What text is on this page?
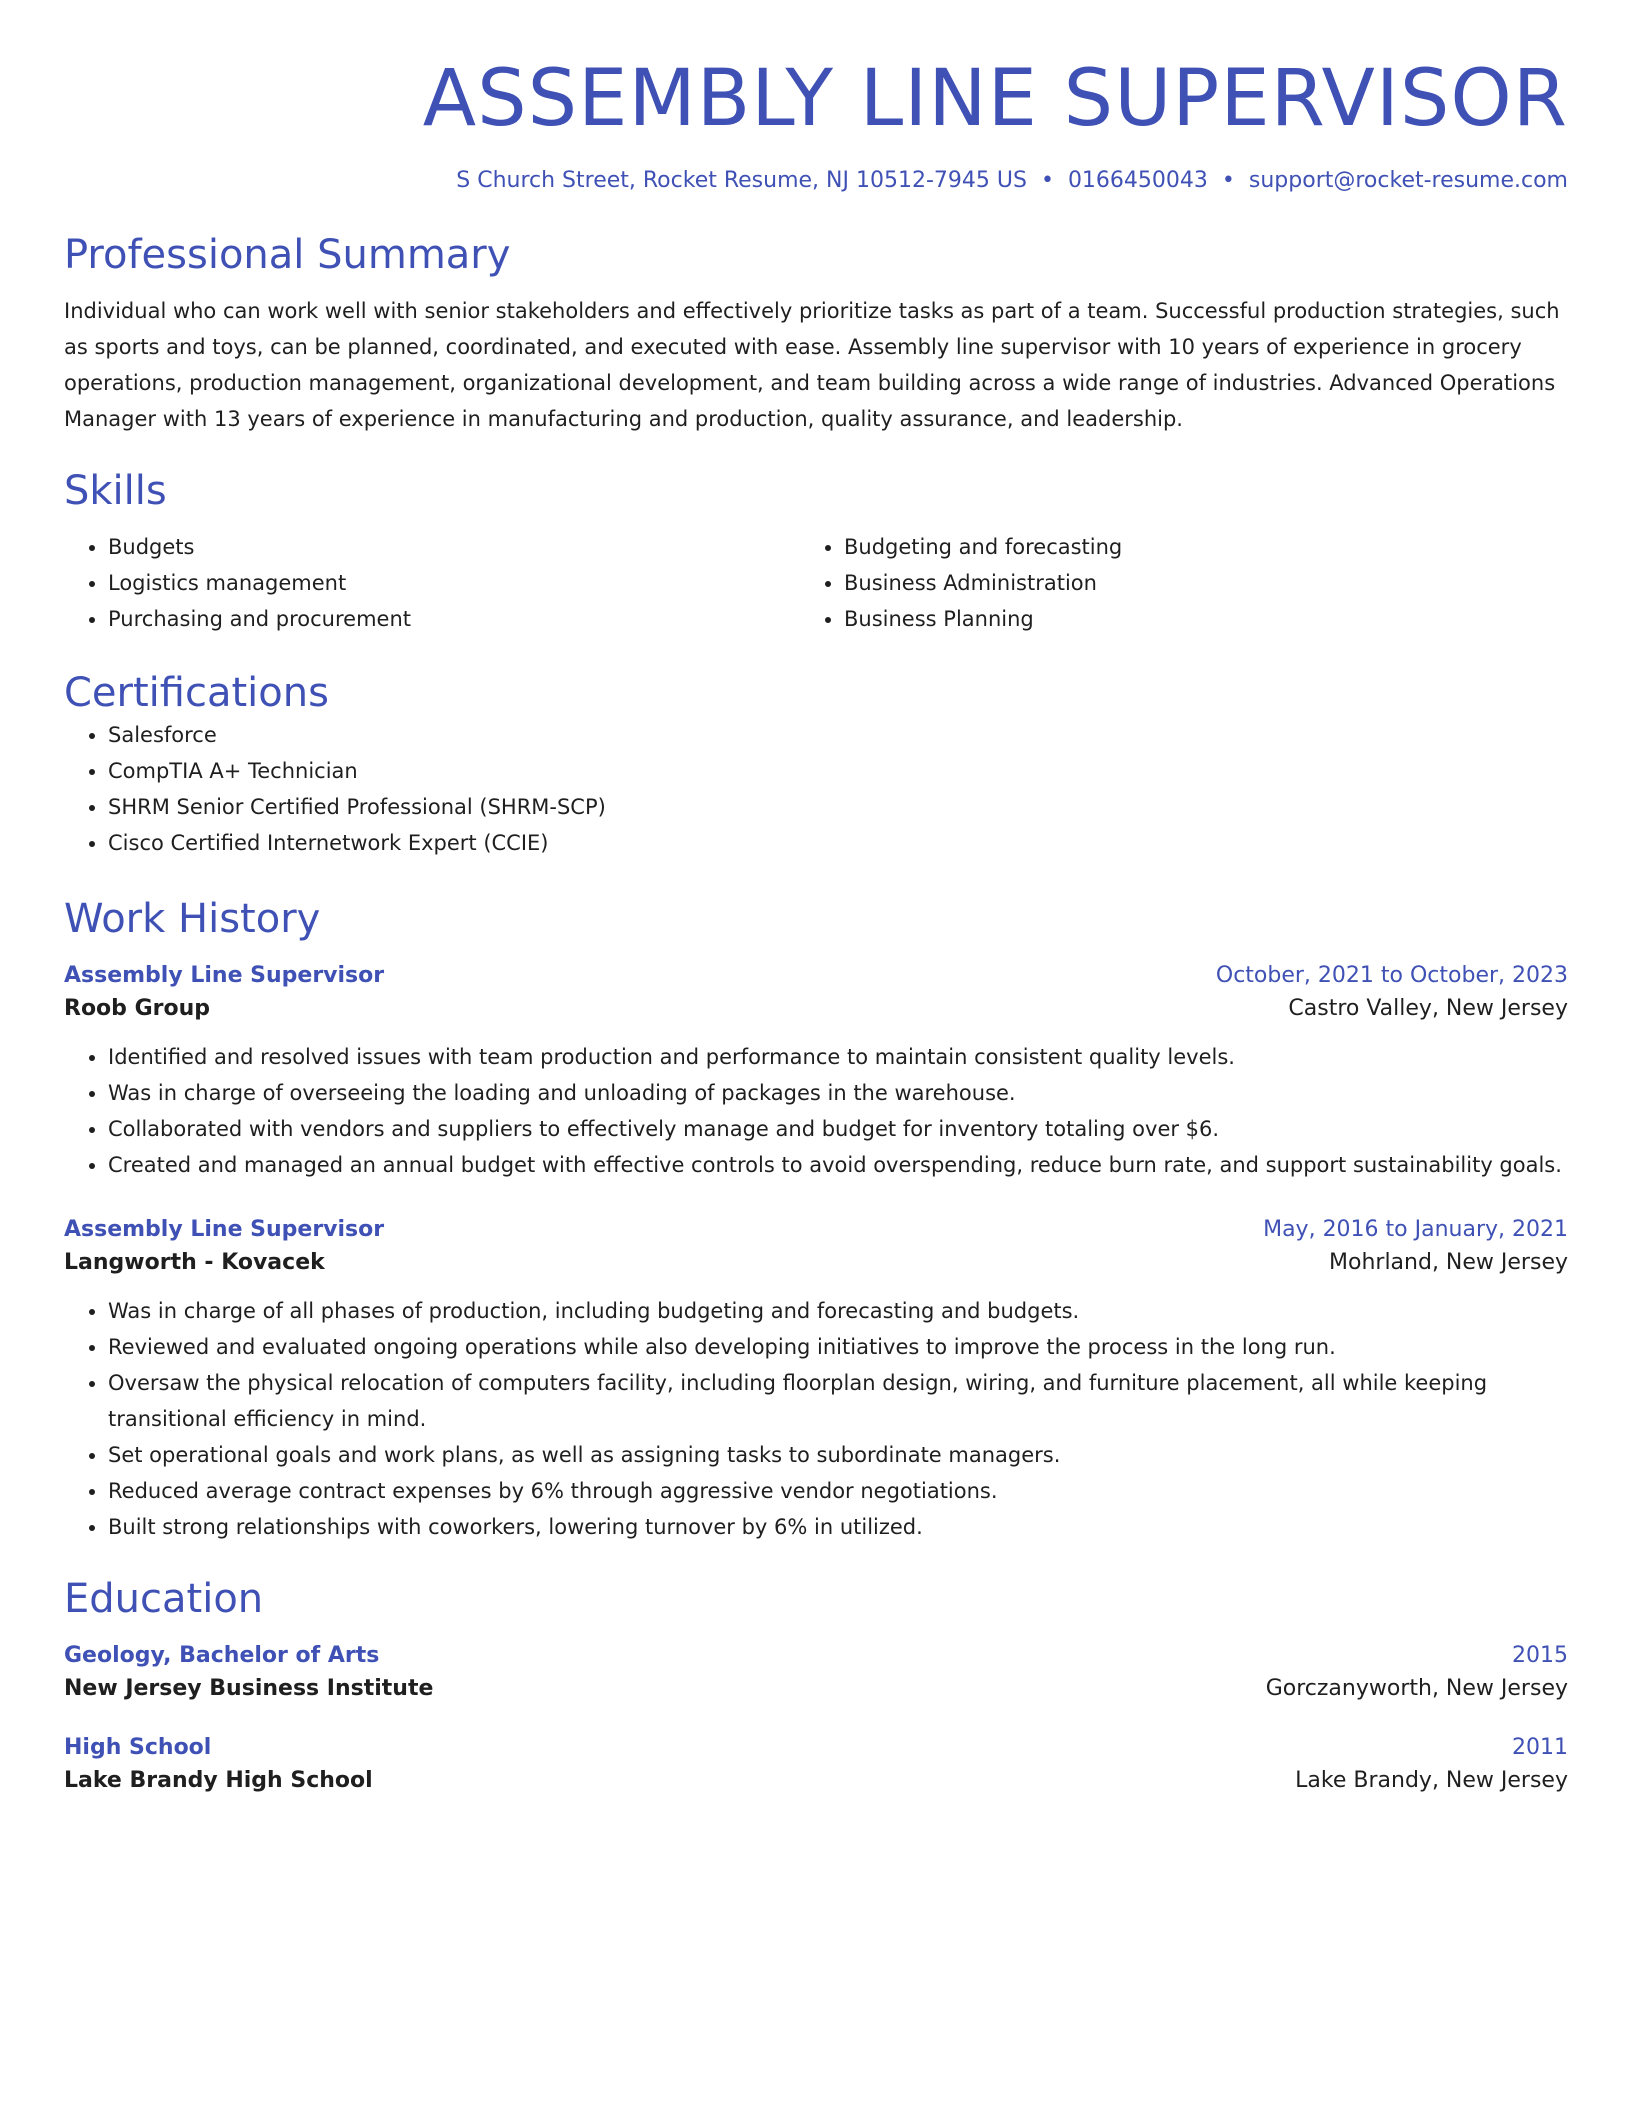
ASSEMBLY LINE SUPERVISOR
S Church Street, Rocket Resume, NJ 10512-7945 US • 0166450043 • support@rocket-resume.com
Professional Summary
Individual who can work well with senior stakeholders and effectively prioritize tasks as part of a team. Successful production strategies, such as sports and toys, can be planned, coordinated, and executed with ease. Assembly line supervisor with 10 years of experience in grocery operations, production management, organizational development, and team building across a wide range of industries. Advanced Operations Manager with 13 years of experience in manufacturing and production, quality assurance, and leadership.
Skills
• Budgets
• Logistics management
• Purchasing and procurement
• Budgeting and forecasting
• Business Administration
• Business Planning
Certifications
• Salesforce
• CompTIA A+ Technician
• SHRM Senior Certified Professional (SHRM-SCP)
• Cisco Certified Internetwork Expert (CCIE)
Work History
Assembly Line Supervisor	October, 2021 to October, 2023
Roob Group	Castro Valley, New Jersey
• Identified and resolved issues with team production and performance to maintain consistent quality levels.
• Was in charge of overseeing the loading and unloading of packages in the warehouse.
• Collaborated with vendors and suppliers to effectively manage and budget for inventory totaling over $6.
• Created and managed an annual budget with effective controls to avoid overspending, reduce burn rate, and support sustainability goals.
Assembly Line Supervisor	May, 2016 to January, 2021
Langworth - Kovacek	Mohrland, New Jersey
• Was in charge of all phases of production, including budgeting and forecasting and budgets.
• Reviewed and evaluated ongoing operations while also developing initiatives to improve the process in the long run.
• Oversaw the physical relocation of computers facility, including floorplan design, wiring, and furniture placement, all while keeping transitional efficiency in mind.
• Set operational goals and work plans, as well as assigning tasks to subordinate managers.
• Reduced average contract expenses by 6% through aggressive vendor negotiations.
• Built strong relationships with coworkers, lowering turnover by 6% in utilized.
Education
Geology, Bachelor of Arts	2015
New Jersey Business Institute	Gorczanyworth, New Jersey
High School	2011
Lake Brandy High School	Lake Brandy, New Jersey
